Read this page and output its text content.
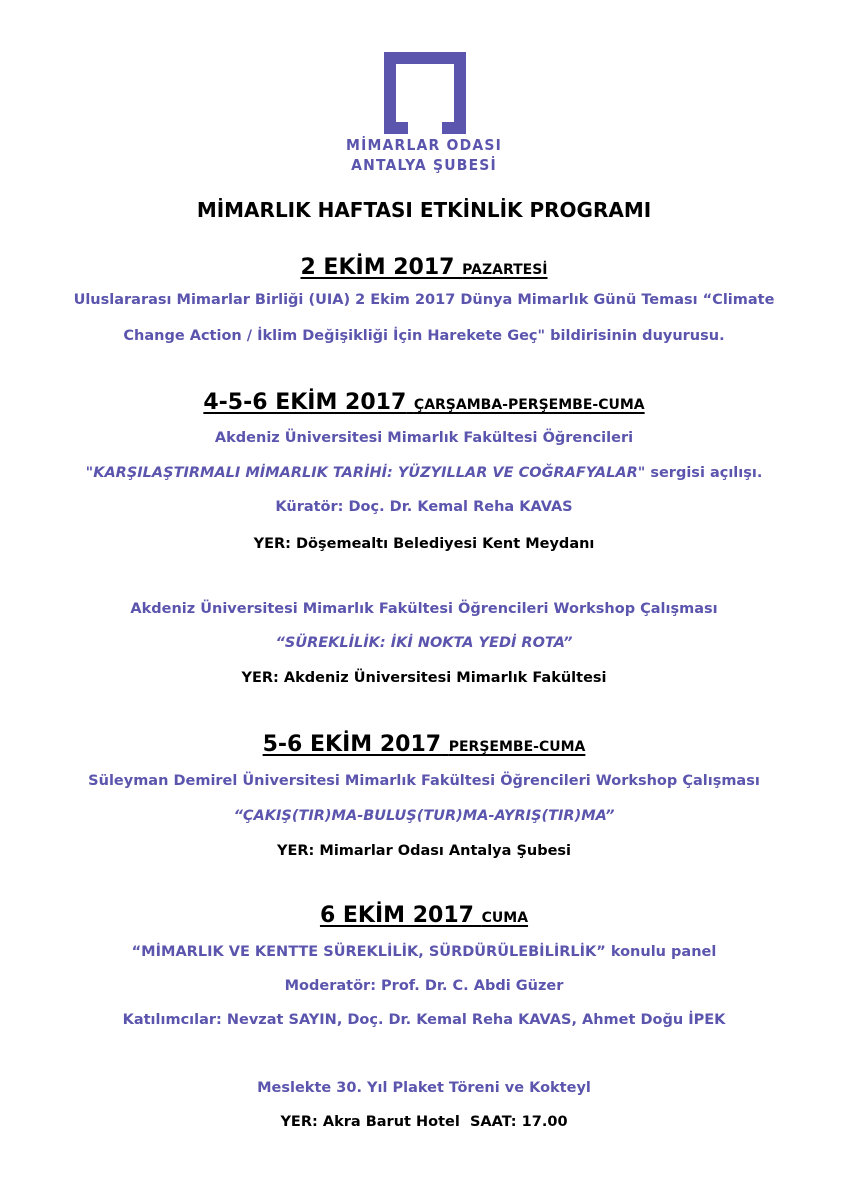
MİMARLAR ODASI
ANTALYA ŞUBESİ
MİMARLIK HAFTASI ETKİNLİK PROGRAMI
2 EKİM 2017 PAZARTESİ
Uluslararası Mimarlar Birliği (UIA) 2 Ekim 2017 Dünya Mimarlık Günü Teması “Climate
Change Action / İklim Değişikliği İçin Harekete Geç" bildirisinin duyurusu.
4-5-6 EKİM 2017 ÇARŞAMBA-PERŞEMBE-CUMA
Akdeniz Üniversitesi Mimarlık Fakültesi Öğrencileri
"KARŞILAŞTIRMALI MİMARLIK TARİHİ: YÜZYILLAR VE COĞRAFYALAR" sergisi açılışı.
Küratör: Doç. Dr. Kemal Reha KAVAS
YER: Döşemealtı Belediyesi Kent Meydanı
Akdeniz Üniversitesi Mimarlık Fakültesi Öğrencileri Workshop Çalışması
“SÜREKLİLİK: İKİ NOKTA YEDİ ROTA”
YER: Akdeniz Üniversitesi Mimarlık Fakültesi
5-6 EKİM 2017 PERŞEMBE-CUMA
Süleyman Demirel Üniversitesi Mimarlık Fakültesi Öğrencileri Workshop Çalışması
“ÇAKIŞ(TIR)MA-BULUŞ(TUR)MA-AYRIŞ(TIR)MA”
YER: Mimarlar Odası Antalya Şubesi
6 EKİM 2017 CUMA
“MİMARLIK VE KENTTE SÜREKLİLİK, SÜRDÜRÜLEBİLİRLİK” konulu panel
Moderatör: Prof. Dr. C. Abdi Güzer
Katılımcılar: Nevzat SAYIN, Doç. Dr. Kemal Reha KAVAS, Ahmet Doğu İPEK
Meslekte 30. Yıl Plaket Töreni ve Kokteyl
YER: Akra Barut Hotel SAAT: 17.00
